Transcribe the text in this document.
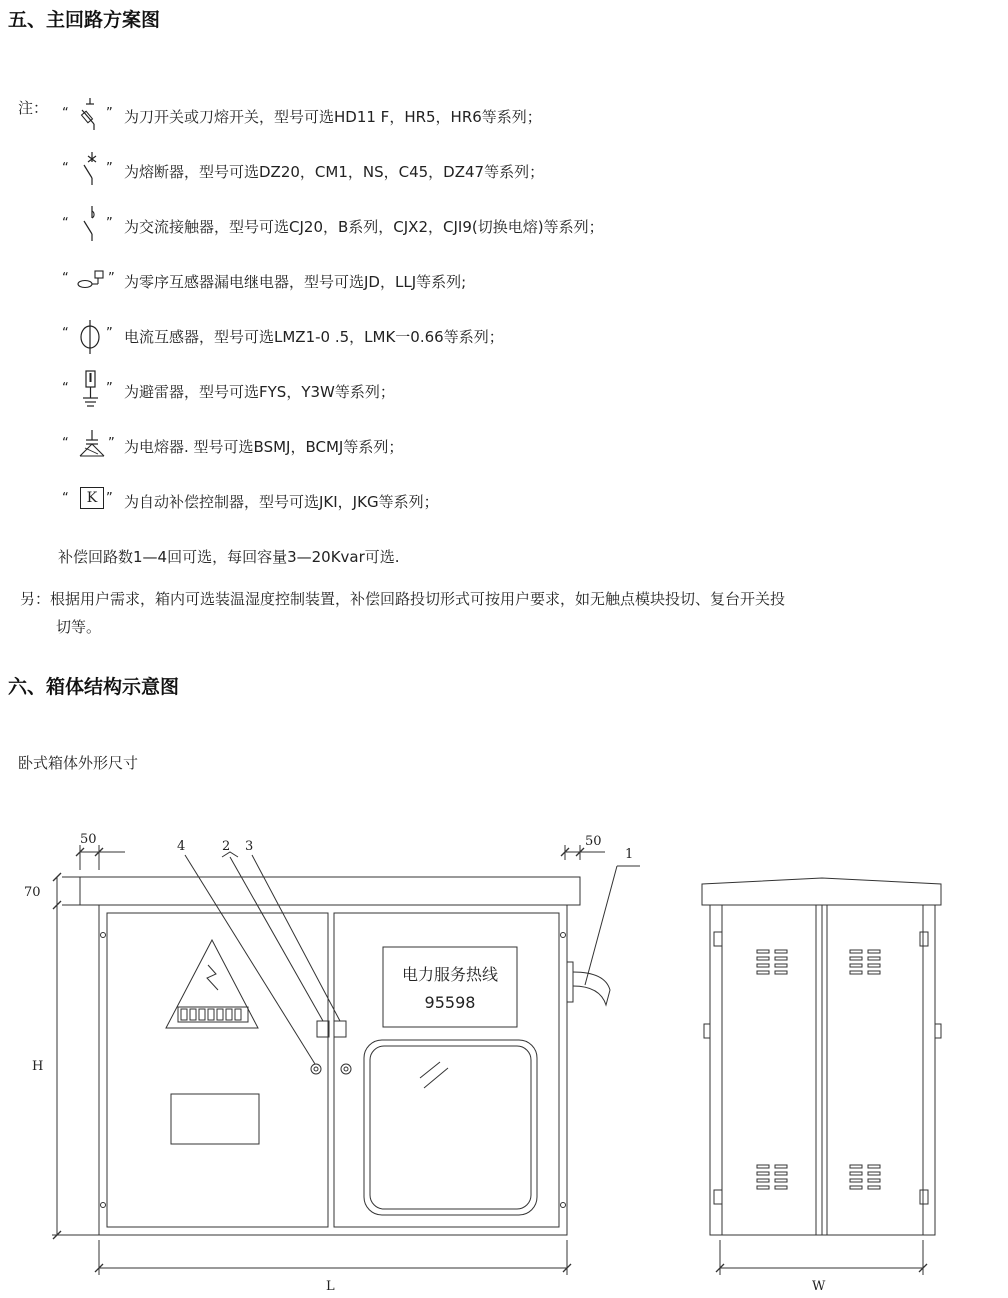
五、主回路方案图
注： “	” 为刀开关或刀熔开关，型号可选HD11 F，HR5，HR6等系列；
“	” 为熔断器，型号可选DZ20，CM1，NS，C45，DZ47等系列；
“	” 为交流接触器，型号可选CJ20，B系列，CJX2，CJI9(切换电熔)等系列；
“	” 为零序互感器漏电继电器，型号可选JD，LLJ等系列;
“	” 电流互感器，型号可选LMZ1-0 .5，LMK一0.66等系列；
“	” 为避雷器，型号可选FYS，Y3W等系列；
“	” 为电熔器. 型号可选BSMJ，BCMJ等系列；
“	K ” 为自动补偿控制器，型号可选JKI，JKG等系列；
补偿回路数1—4回可选，每回容量3—20Kvar可选.
另：根据用户需求，箱内可选装温湿度控制装置，补偿回路投切形式可按用户要求，如无触点模块投切、复台开关投
切等。
六、箱体结构示意图
卧式箱体外形尺寸
50	50
70
H
L	W
1
2 3
4
电力服务热线
95598
